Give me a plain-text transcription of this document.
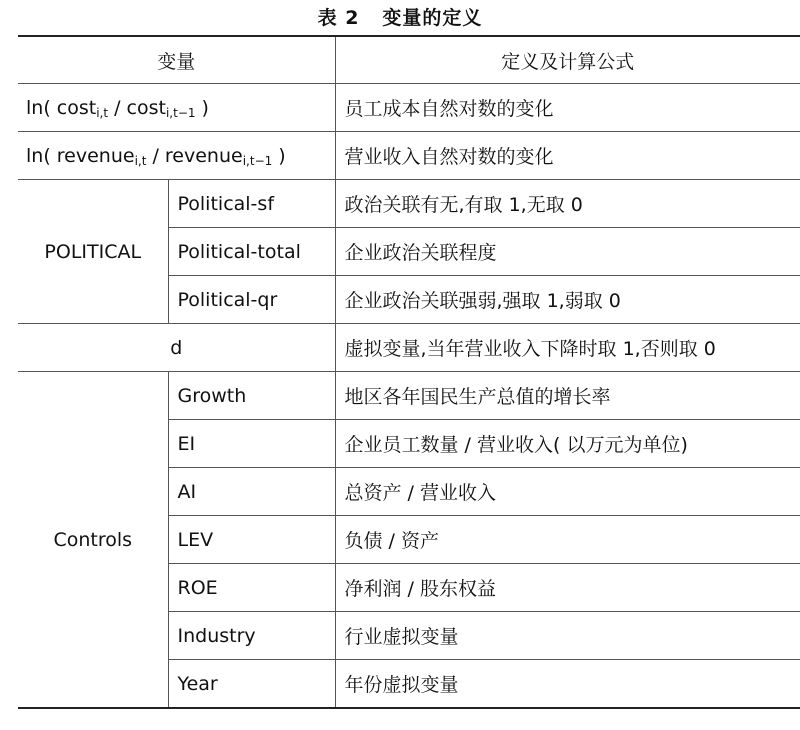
表 2   变量的定义
变量		定义及计算公式
ln( cost$_{i,t}$ / cost$_{i,t-1}$ )		员工成本自然对数的变化
ln( revenue$_{i,t}$ / revenue$_{i,t-1}$ )		营业收入自然对数的变化
POLITICAL	Political-sf	政治关联有无,有取 1,无取 0
	Political-total	企业政治关联程度
	Political-qr	企业政治关联强弱,强取 1,弱取 0
d		虚拟变量,当年营业收入下降时取 1,否则取 0
Controls	Growth	地区各年国民生产总值的增长率
	EI	企业员工数量 / 营业收入( 以万元为单位)
	AI	总资产 / 营业收入
	LEV	负债 / 资产
	ROE	净利润 / 股东权益
	Industry	行业虚拟变量
	Year	年份虚拟变量
